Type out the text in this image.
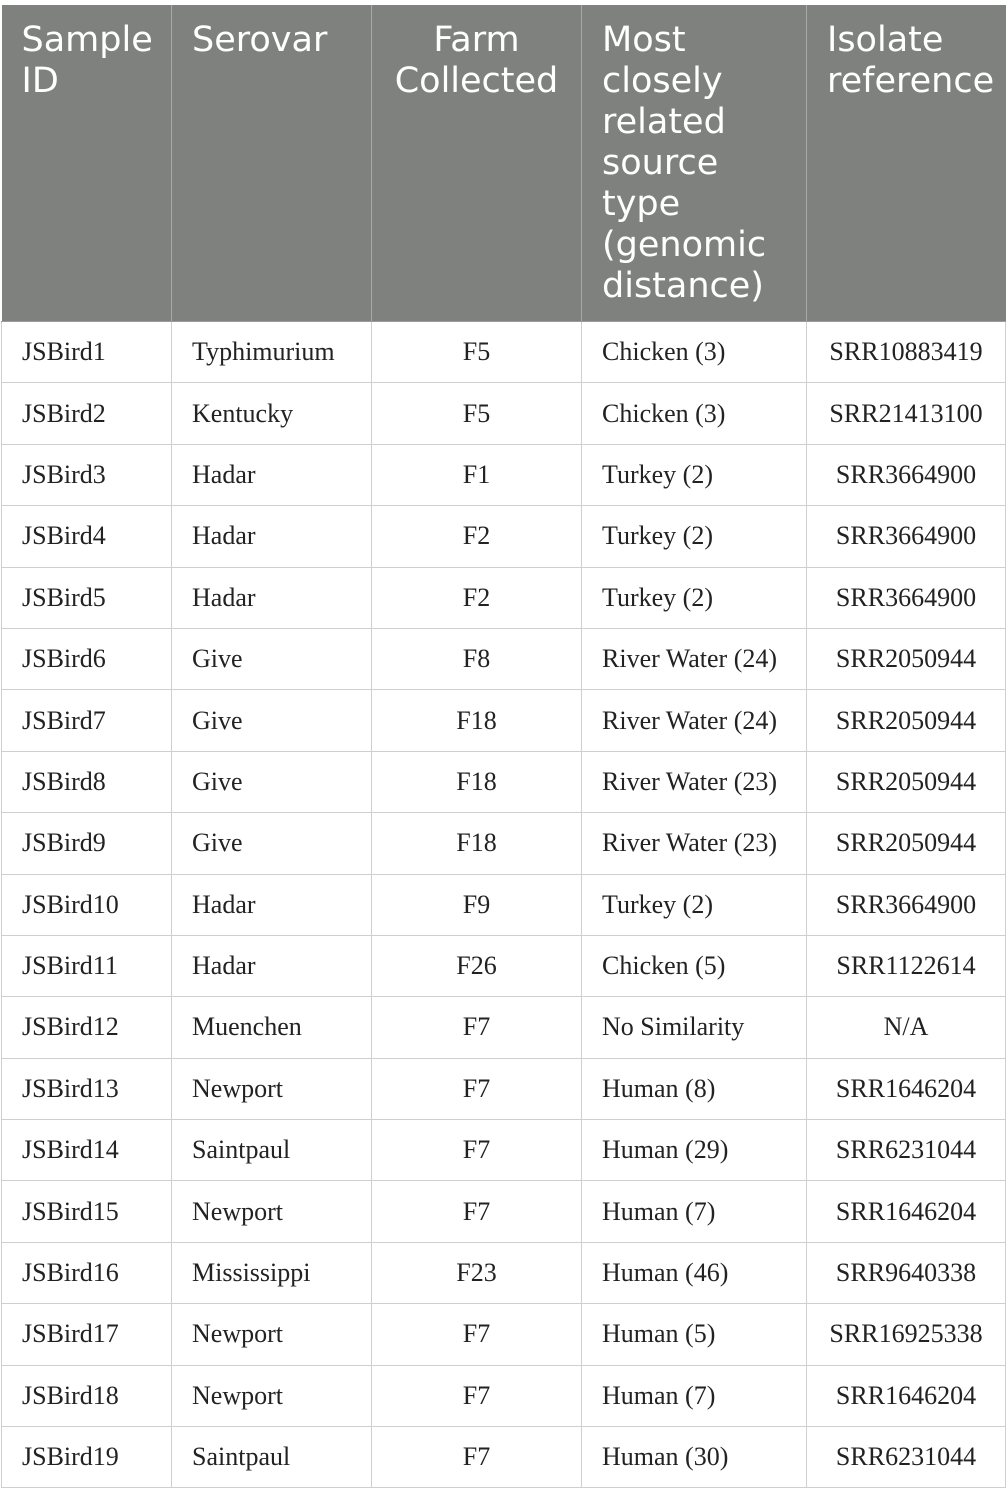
Sample ID	Serovar	Farm Collected	Most closely related source type (genomic distance)	Isolate reference
JSBird1	Typhimurium	F5	Chicken (3)	SRR10883419
JSBird2	Kentucky	F5	Chicken (3)	SRR21413100
JSBird3	Hadar	F1	Turkey (2)	SRR3664900
JSBird4	Hadar	F2	Turkey (2)	SRR3664900
JSBird5	Hadar	F2	Turkey (2)	SRR3664900
JSBird6	Give	F8	River Water (24)	SRR2050944
JSBird7	Give	F18	River Water (24)	SRR2050944
JSBird8	Give	F18	River Water (23)	SRR2050944
JSBird9	Give	F18	River Water (23)	SRR2050944
JSBird10	Hadar	F9	Turkey (2)	SRR3664900
JSBird11	Hadar	F26	Chicken (5)	SRR1122614
JSBird12	Muenchen	F7	No Similarity	N/A
JSBird13	Newport	F7	Human (8)	SRR1646204
JSBird14	Saintpaul	F7	Human (29)	SRR6231044
JSBird15	Newport	F7	Human (7)	SRR1646204
JSBird16	Mississippi	F23	Human (46)	SRR9640338
JSBird17	Newport	F7	Human (5)	SRR16925338
JSBird18	Newport	F7	Human (7)	SRR1646204
JSBird19	Saintpaul	F7	Human (30)	SRR6231044
